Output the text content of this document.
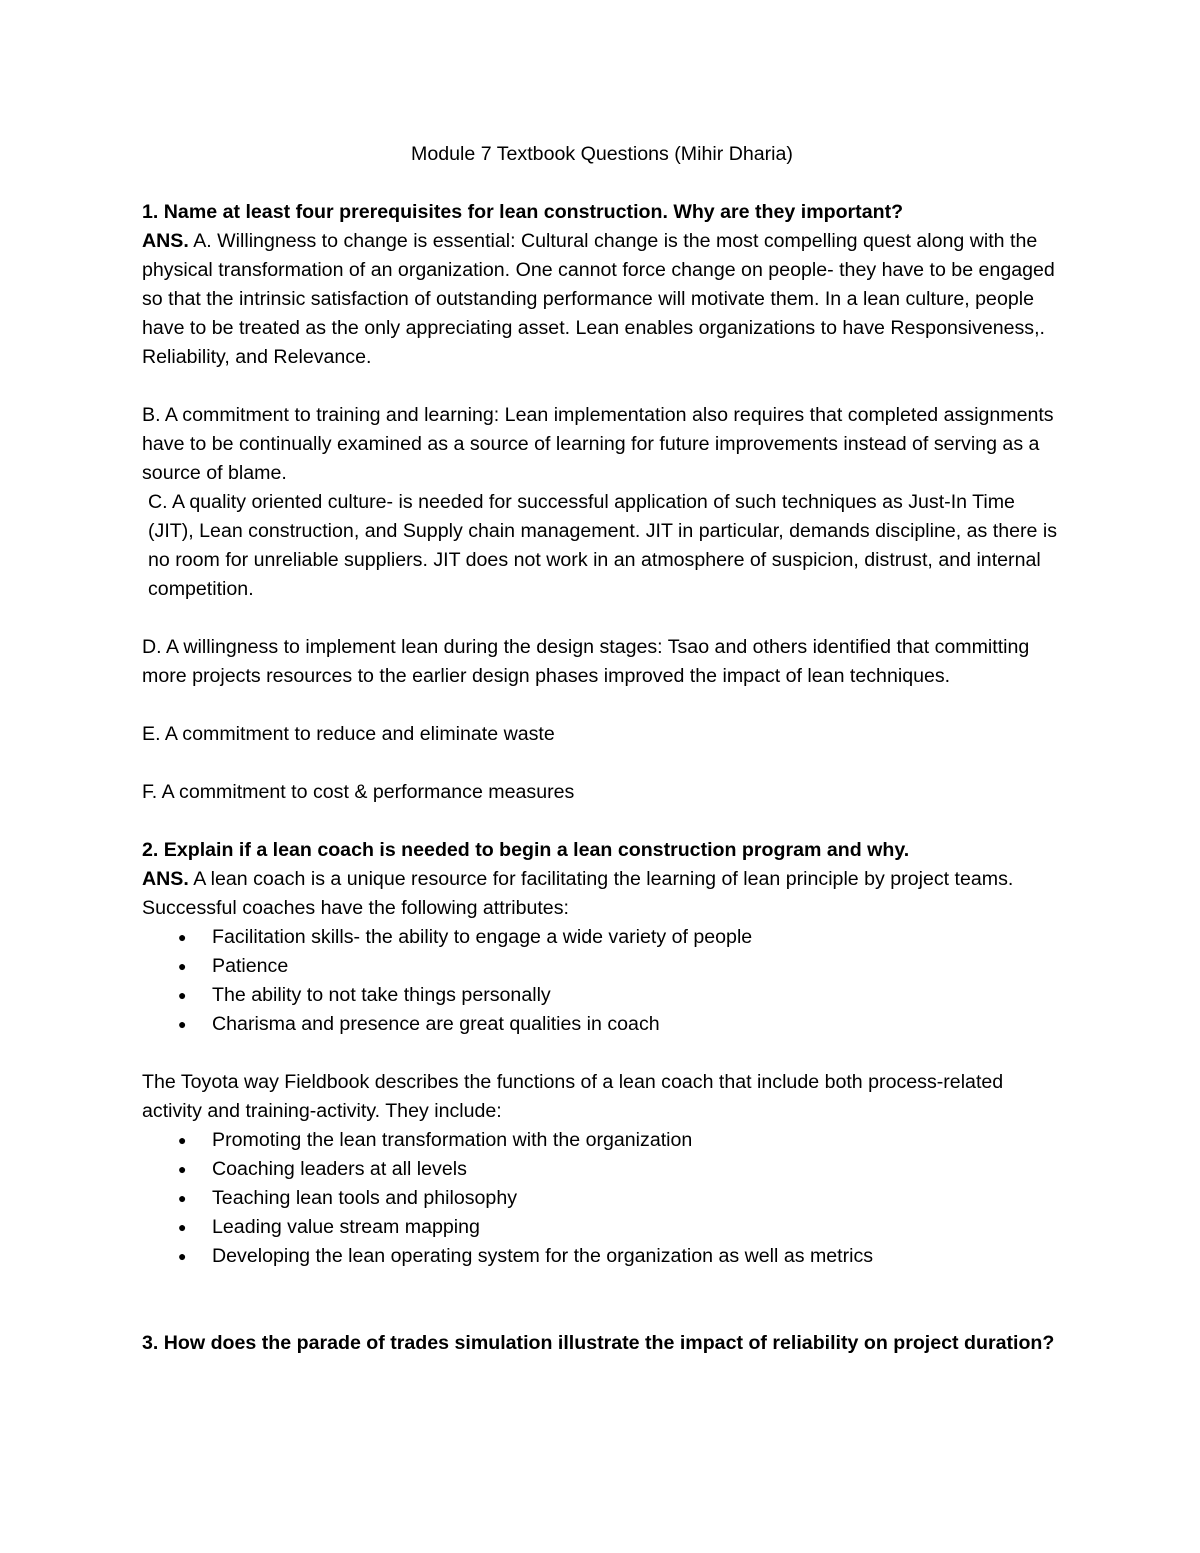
Module 7 Textbook Questions (Mihir Dharia)

1. Name at least four prerequisites for lean construction. Why are they important?

ANS. A. Willingness to change is essential: Cultural change is the most compelling quest along with the physical transformation of an organization. One cannot force change on people- they have to be engaged so that the intrinsic satisfaction of outstanding performance will motivate them. In a lean culture, people have to be treated as the only appreciating asset. Lean enables organizations to have Responsiveness,. Reliability, and Relevance.

B. A commitment to training and learning: Lean implementation also requires that completed assignments have to be continually examined as a source of learning for future improvements instead of serving as a source of blame.

C. A quality oriented culture- is needed for successful application of such techniques as Just-In Time (JIT), Lean construction, and Supply chain management. JIT in particular, demands discipline, as there is no room for unreliable suppliers. JIT does not work in an atmosphere of suspicion, distrust, and internal competition.

D. A willingness to implement lean during the design stages: Tsao and others identified that committing more projects resources to the earlier design phases improved the impact of lean techniques.

E. A commitment to reduce and eliminate waste

F. A commitment to cost & performance measures

2. Explain if a lean coach is needed to begin a lean construction program and why.

ANS. A lean coach is a unique resource for facilitating the learning of lean principle by project teams. Successful coaches have the following attributes:

● Facilitation skills- the ability to engage a wide variety of people
● Patience
● The ability to not take things personally
● Charisma and presence are great qualities in coach

The Toyota way Fieldbook describes the functions of a lean coach that include both process-related activity and training-activity. They include:

● Promoting the lean transformation with the organization
● Coaching leaders at all levels
● Teaching lean tools and philosophy
● Leading value stream mapping
● Developing the lean operating system for the organization as well as metrics

3. How does the parade of trades simulation illustrate the impact of reliability on project duration?
